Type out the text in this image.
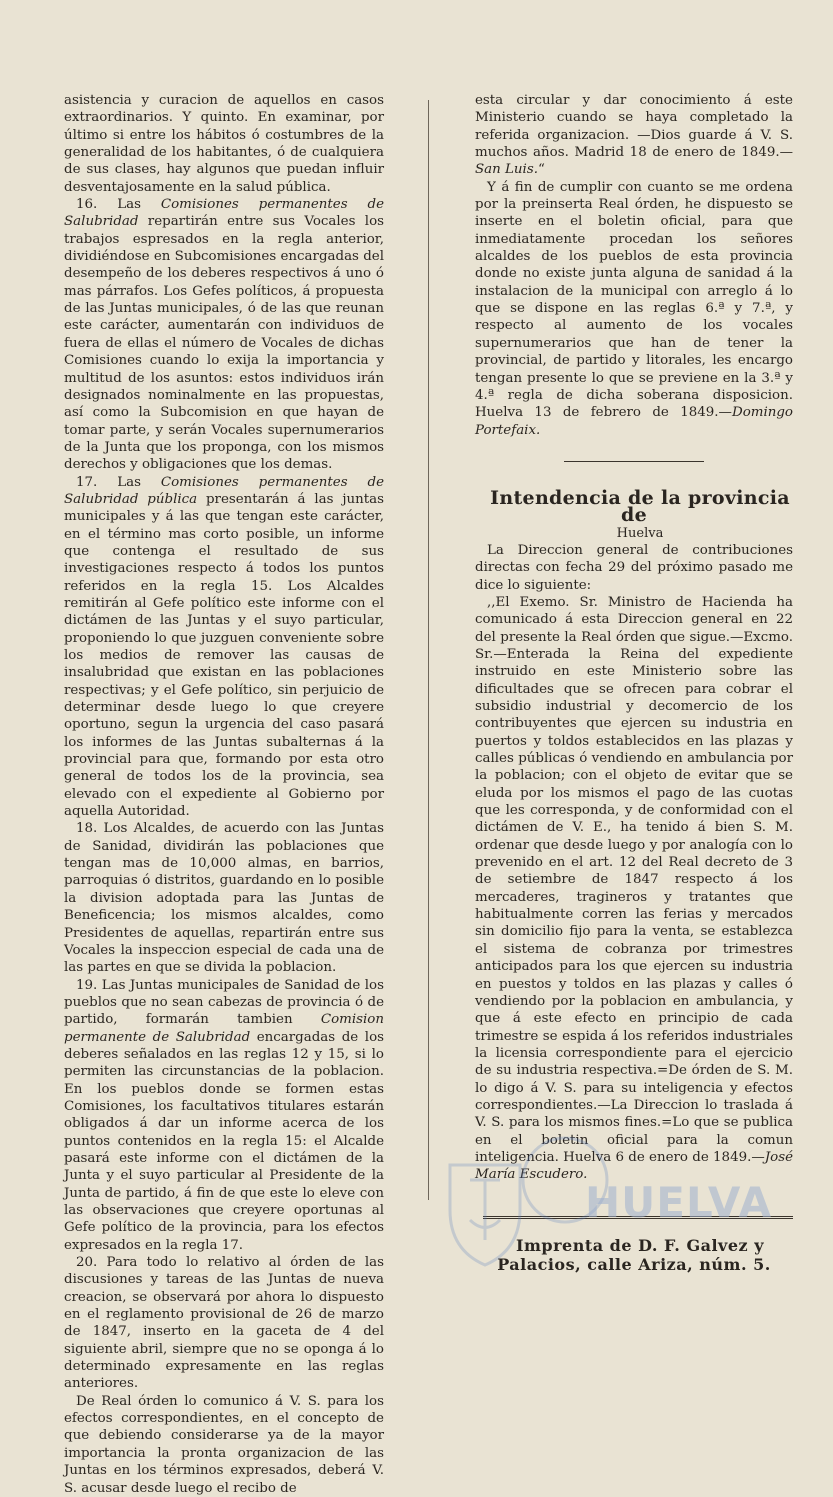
asistencia y curacion de aquellos en casos extraordinarios. Y quinto. En examinar, por último si entre los hábitos ó costumbres de la generalidad de los habitantes, ó de cualquiera de sus clases, hay algunos que puedan influir desventajosamente en la salud pública.

16. Las Comisiones permanentes de Salubridad repartirán entre sus Vocales los trabajos espresados en la regla anterior, dividiéndose en Subcomisiones encargadas del desempeño de los deberes respectivos á uno ó mas párrafos. Los Gefes políticos, á propuesta de las Juntas municipales, ó de las que reunan este carácter, aumentarán con individuos de fuera de ellas el número de Vocales de dichas Comisiones cuando lo exija la importancia y multitud de los asuntos: estos individuos irán designados nominalmente en las propuestas, así como la Subcomision en que hayan de tomar parte, y serán Vocales supernumerarios de la Junta que los proponga, con los mismos derechos y obligaciones que los demas.

17. Las Comisiones permanentes de Salubridad pública presentarán á las juntas municipales y á las que tengan este carácter, en el término mas corto posible, un informe que contenga el resultado de sus investigaciones respecto á todos los puntos referidos en la regla 15. Los Alcaldes remitirán al Gefe político este informe con el dictámen de las Juntas y el suyo particular, proponiendo lo que juzguen conveniente sobre los medios de remover las causas de insalubridad que existan en las poblaciones respectivas; y el Gefe político, sin perjuicio de determinar desde luego lo que creyere oportuno, segun la urgencia del caso pasará los informes de las Juntas subalternas á la provincial para que, formando por esta otro general de todos los de la provincia, sea elevado con el expediente al Gobierno por aquella Autoridad.

18. Los Alcaldes, de acuerdo con las Juntas de Sanidad, dividirán las poblaciones que tengan mas de 10,000 almas, en barrios, parroquias ó distritos, guardando en lo posible la division adoptada para las Juntas de Beneficencia; los mismos alcaldes, como Presidentes de aquellas, repartirán entre sus Vocales la inspeccion especial de cada una de las partes en que se divida la poblacion.

19. Las Juntas municipales de Sanidad de los pueblos que no sean cabezas de provincia ó de partido, formarán tambien Comision permanente de Salubridad encargadas de los deberes señalados en las reglas 12 y 15, si lo permiten las circunstancias de la poblacion. En los pueblos donde se formen estas Comisiones, los facultativos titulares estarán obligados á dar un informe acerca de los puntos contenidos en la regla 15: el Alcalde pasará este informe con el dictámen de la Junta y el suyo particular al Presidente de la Junta de partido, á fin de que este lo eleve con las observaciones que creyere oportunas al Gefe político de la provincia, para los efectos expresados en la regla 17.

20. Para todo lo relativo al órden de las discusiones y tareas de las Juntas de nueva creacion, se observará por ahora lo dispuesto en el reglamento provisional de 26 de marzo de 1847, inserto en la gaceta de 4 del siguiente abril, siempre que no se oponga á lo determinado expresamente en las reglas anteriores.

De Real órden lo comunico á V. S. para los efectos correspondientes, en el concepto de que debiendo considerarse ya de la mayor importancia la pronta organizacion de las Juntas en los términos expresados, deberá V. S. acusar desde luego el recibo de

esta circular y dar conocimiento á este Ministerio cuando se haya completado la referida organizacion. —Dios guarde á V. S. muchos años. Madrid 18 de enero de 1849.—San Luis.“

Y á fin de cumplir con cuanto se me ordena por la preinserta Real órden, he dispuesto se inserte en el boletin oficial, para que inmediatamente procedan los señores alcaldes de los pueblos de esta provincia donde no existe junta alguna de sanidad á la instalacion de la municipal con arreglo á lo que se dispone en las reglas 6.ª y 7.ª, y respecto al aumento de los vocales supernumerarios que han de tener la provincial, de partido y litorales, les encargo tengan presente lo que se previene en la 3.ª y 4.ª regla de dicha soberana disposicion. Huelva 13 de febrero de 1849.—Domingo Portefaix.

Intendencia de la provincia de

Huelva

La Direccion general de contribuciones directas con fecha 29 del próximo pasado me dice lo siguiente:

,,El Exemo. Sr. Ministro de Hacienda ha comunicado á esta Direccion general en 22 del presente la Real órden que sigue.—Excmo. Sr.—Enterada la Reina del expediente instruido en este Ministerio sobre las dificultades que se ofrecen para cobrar el subsidio industrial y decomercio de los contribuyentes que ejercen su industria en puertos y toldos establecidos en las plazas y calles públicas ó vendiendo en ambulancia por la poblacion; con el objeto de evitar que se eluda por los mismos el pago de las cuotas que les corresponda, y de conformidad con el dictámen de V. E., ha tenido á bien S. M. ordenar que desde luego y por analogía con lo prevenido en el art. 12 del Real decreto de 3 de setiembre de 1847 respecto á los mercaderes, tragineros y tratantes que habitualmente corren las ferias y mercados sin domicilio fijo para la venta, se establezca el sistema de cobranza por trimestres anticipados para los que ejercen su industria en puestos y toldos en las plazas y calles ó vendiendo por la poblacion en ambulancia, y que á este efecto en principio de cada trimestre se espida á los referidos industriales la licensia correspondiente para el ejercicio de su industria respectiva.=De órden de S. M. lo digo á V. S. para su inteligencia y efectos correspondientes.—La Direccion lo traslada á V. S. para los mismos fines.=Lo que se publica en el boletin oficial para la comun inteligencia. Huelva 6 de enero de 1849.—José María Escudero.

Imprenta de D. F. Galvez y Palacios, calle Ariza, núm. 5.

HUELVA
